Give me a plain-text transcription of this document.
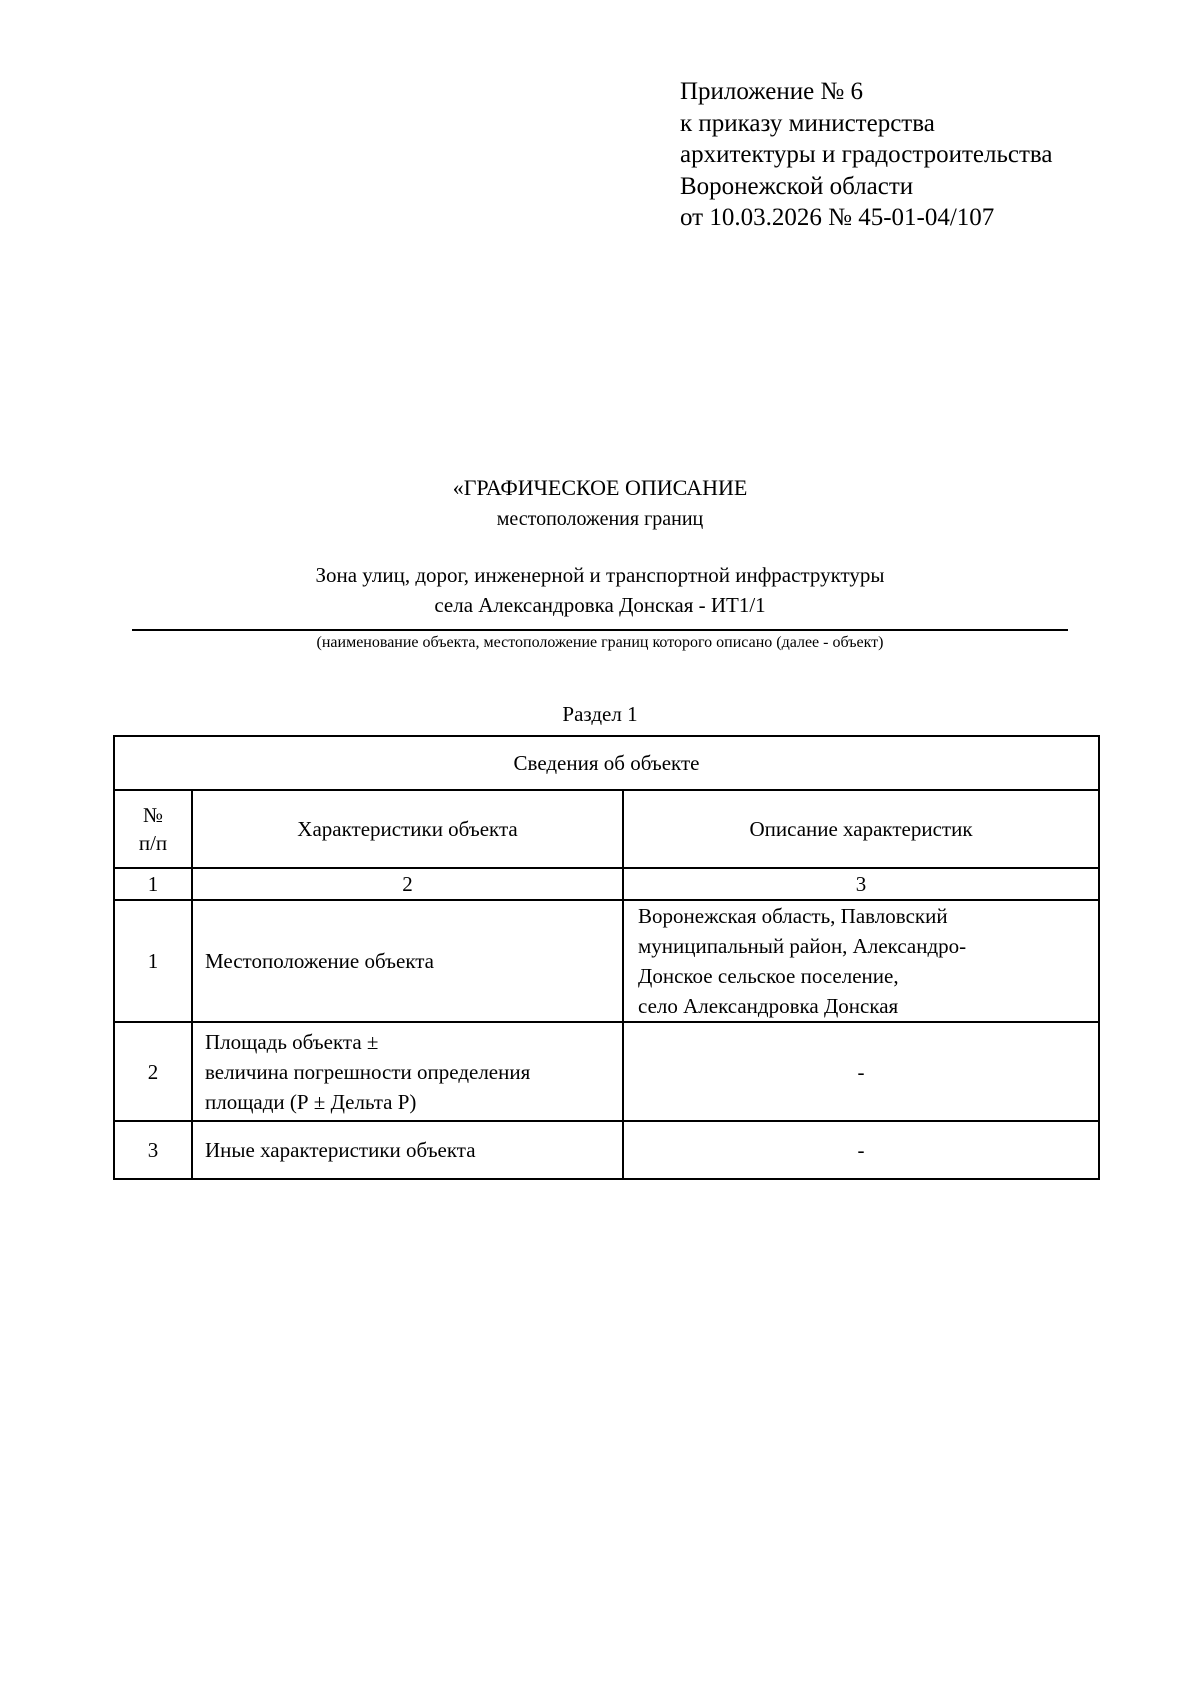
Приложение № 6
к приказу министерства
архитектуры и градостроительства
Воронежской области
от 10.03.2026 № 45-01-04/107
«ГРАФИЧЕСКОЕ ОПИСАНИЕ
местоположения границ
Зона улиц, дорог, инженерной и транспортной инфраструктуры
села Александровка Донская - ИТ1/1
(наименование объекта, местоположение границ которого описано (далее - объект)
Раздел 1
Сведения об объекте		

№
п/п	Характеристики объекта	Описание характеристик
1	2	3
1	Местоположение объекта	Воронежская область, Павловский
муниципальный район, Александро-
Донское сельское поселение,
село Александровка Донская

2	Площадь объекта ±
величина погрешности определения
площади (Р ± Дельта Р)	-
3	Иные характеристики объекта	-
